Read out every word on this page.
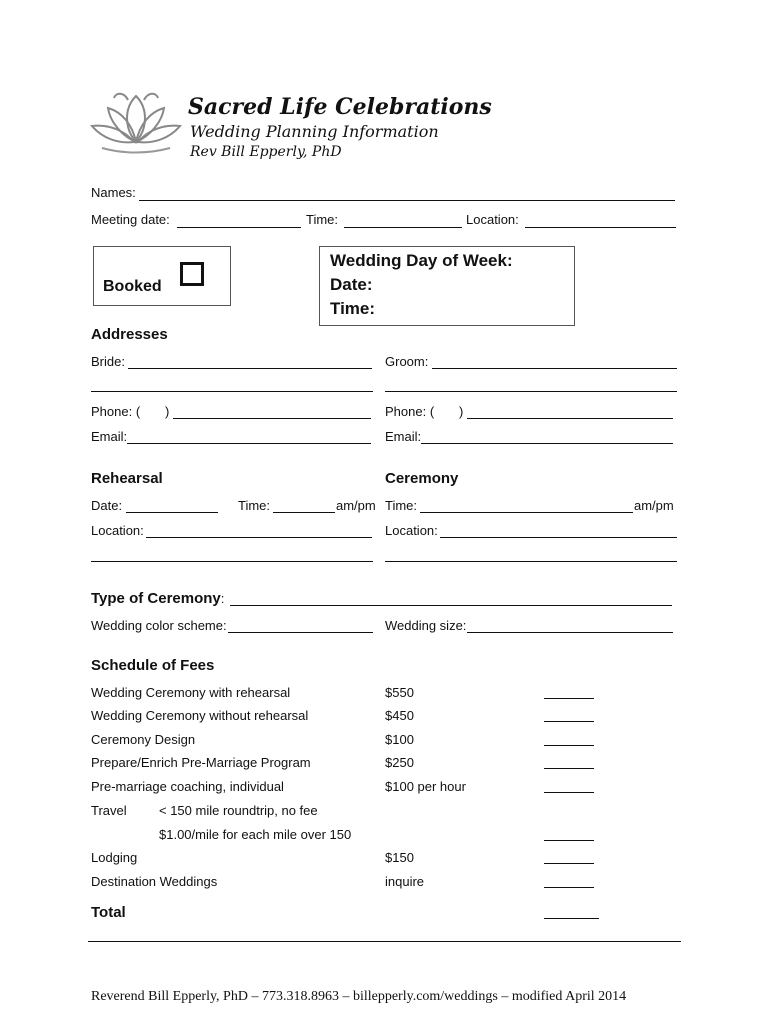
Sacred Life Celebrations
Wedding Planning Information
Rev Bill Epperly, PhD
Names:
Meeting date:	Time:	Location:
Booked
Wedding Day of Week:
Date:
Time:
Addresses
Bride:	Groom:
Phone: ( )	Phone: ( )
Email:	Email:
Rehearsal	Ceremony
Date:	Time:	am/pm Time:	am/pm
Location:	Location:
Type of Ceremony:
Wedding color scheme:	Wedding size:
Schedule of Fees
Wedding Ceremony with rehearsal	$550
Wedding Ceremony without rehearsal	$450
Ceremony Design	$100
Prepare/Enrich Pre-Marriage Program	$250
Pre-marriage coaching, individual	$100 per hour
Travel < 150 mile roundtrip, no fee
$1.00/mile for each mile over 150
Lodging	$150
Destination Weddings	inquire
Total
Reverend Bill Epperly, PhD – 773.318.8963 – billepperly.com/weddings – modified April 2014
